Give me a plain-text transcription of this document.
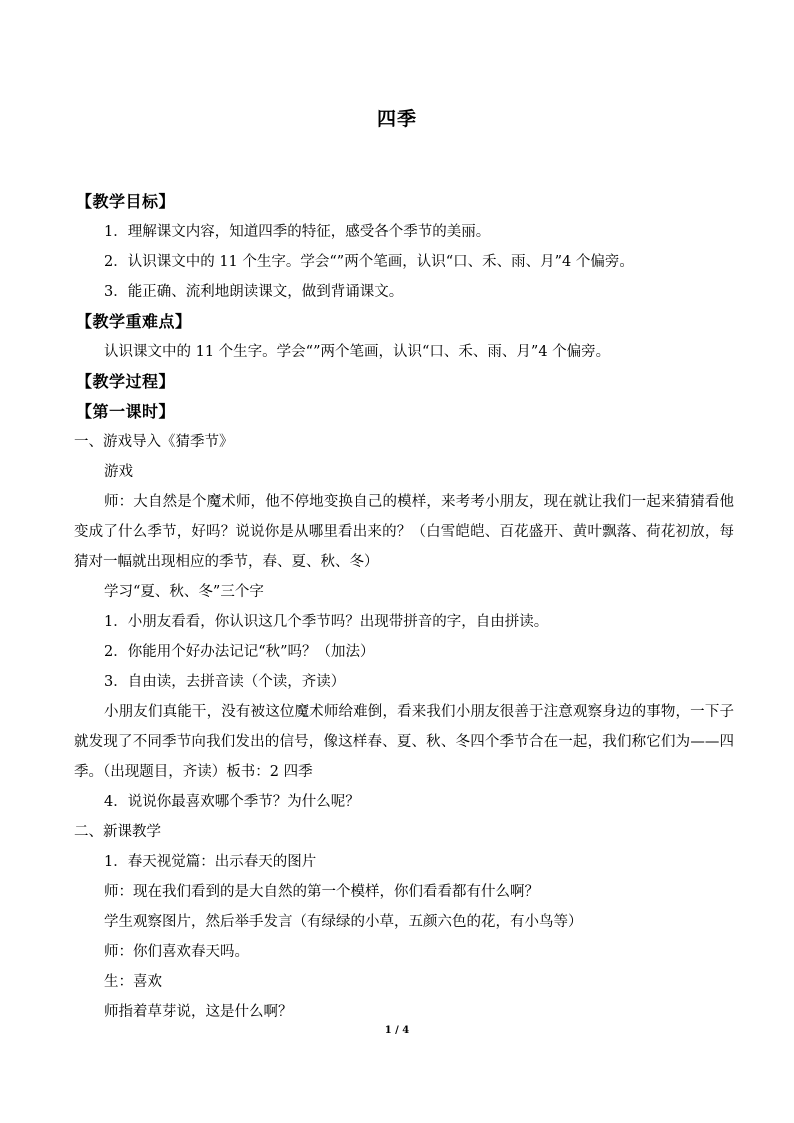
四季

【教学目标】

1．理解课文内容，知道四季的特征，感受各个季节的美丽。

2．认识课文中的 11 个生字。学会“”两个笔画，认识“口、禾、雨、月”4 个偏旁。

3．能正确、流利地朗读课文，做到背诵课文。

【教学重难点】

认识课文中的 11 个生字。学会“”两个笔画，认识“口、禾、雨、月”4 个偏旁。

【教学过程】

【第一课时】

一、游戏导入《猜季节》

游戏

师：大自然是个魔术师，他不停地变换自己的模样，来考考小朋友，现在就让我们一起来猜猜看他变成了什么季节，好吗？说说你是从哪里看出来的？（白雪皑皑、百花盛开、黄叶飘落、荷花初放，每猜对一幅就出现相应的季节，春、夏、秋、冬）

学习“夏、秋、冬”三个字

1．小朋友看看，你认识这几个季节吗？出现带拼音的字，自由拼读。

2．你能用个好办法记记“秋”吗？（加法）

3．自由读，去拼音读（个读，齐读）

小朋友们真能干，没有被这位魔术师给难倒，看来我们小朋友很善于注意观察身边的事物，一下子就发现了不同季节向我们发出的信号，像这样春、夏、秋、冬四个季节合在一起，我们称它们为——四季。（出现题目，齐读）板书：2 四季

4．说说你最喜欢哪个季节？为什么呢？

二、新课教学

1．春天视觉篇：出示春天的图片

师：现在我们看到的是大自然的第一个模样，你们看看都有什么啊？

学生观察图片，然后举手发言（有绿绿的小草，五颜六色的花，有小鸟等）

师：你们喜欢春天吗。

生：喜欢

师指着草芽说，这是什么啊？

1 / 4
